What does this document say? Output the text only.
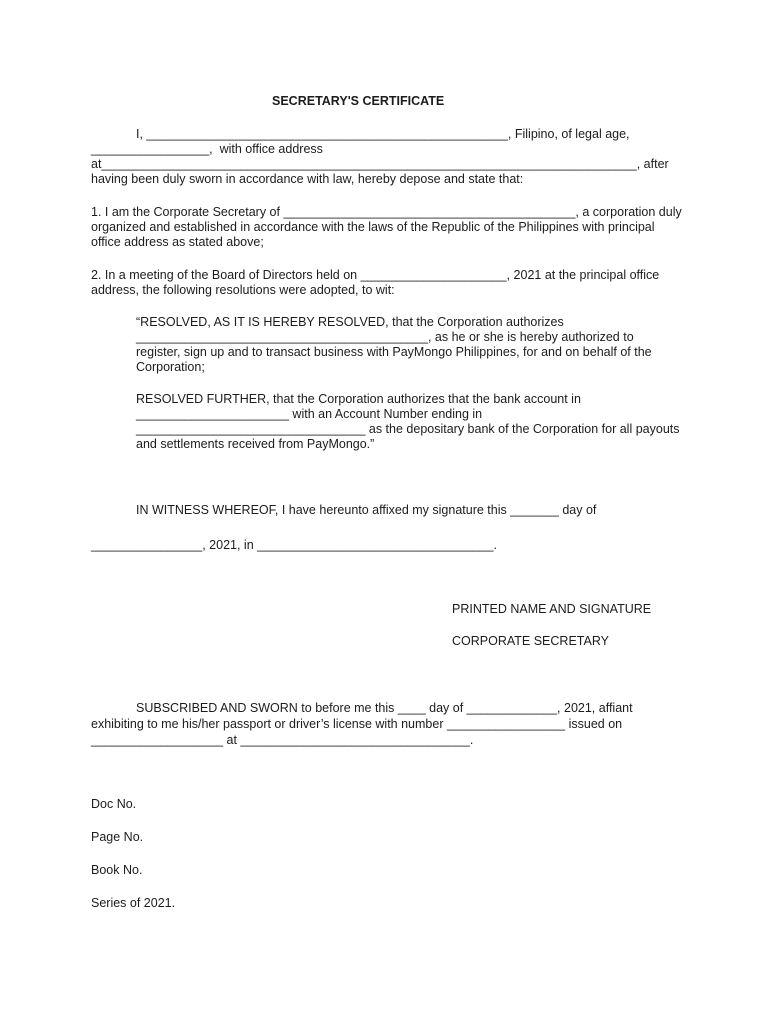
SECRETARY'S CERTIFICATE

I, ____________________________________________________, Filipino, of legal age,

_________________,  with office address

at_____________________________________________________________________________, after

having been duly sworn in accordance with law, hereby depose and state that:

1. I am the Corporate Secretary of __________________________________________, a corporation duly

organized and established in accordance with the laws of the Republic of the Philippines with principal

office address as stated above;

2. In a meeting of the Board of Directors held on _____________________, 2021 at the principal office

address, the following resolutions were adopted, to wit:

“RESOLVED, AS IT IS HEREBY RESOLVED, that the Corporation authorizes

__________________________________________, as he or she is hereby authorized to

register, sign up and to transact business with PayMongo Philippines, for and on behalf of the

Corporation;

RESOLVED FURTHER, that the Corporation authorizes that the bank account in

______________________ with an Account Number ending in

_________________________________ as the depositary bank of the Corporation for all payouts

and settlements received from PayMongo.”

IN WITNESS WHEREOF, I have hereunto affixed my signature this _______ day of

________________, 2021, in __________________________________.

PRINTED NAME AND SIGNATURE

CORPORATE SECRETARY

SUBSCRIBED AND SWORN to before me this ____ day of _____________, 2021, affiant

exhibiting to me his/her passport or driver’s license with number _________________ issued on

___________________ at _________________________________.

Doc No.

Page No.

Book No.

Series of 2021.
